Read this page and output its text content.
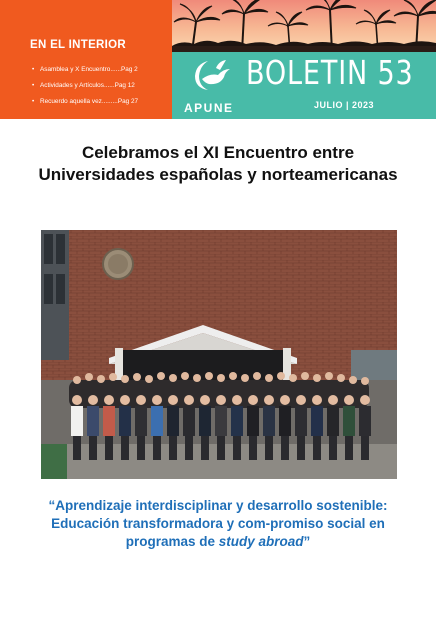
EN EL INTERIOR
• Asamblea y X Encuentro......Pag 2
• Actividades y Artículos......Pag 12
• Recuerdo aquella vez.........Pag 27	APUNE
BOLETIN 53
JULIO | 2023
Celebramos el XI Encuentro entre Universidades españolas y norteamericanas

“Aprendizaje interdisciplinar y desarrollo sostenible: Educación transformadora y com-promiso social en programas de study abroad”
